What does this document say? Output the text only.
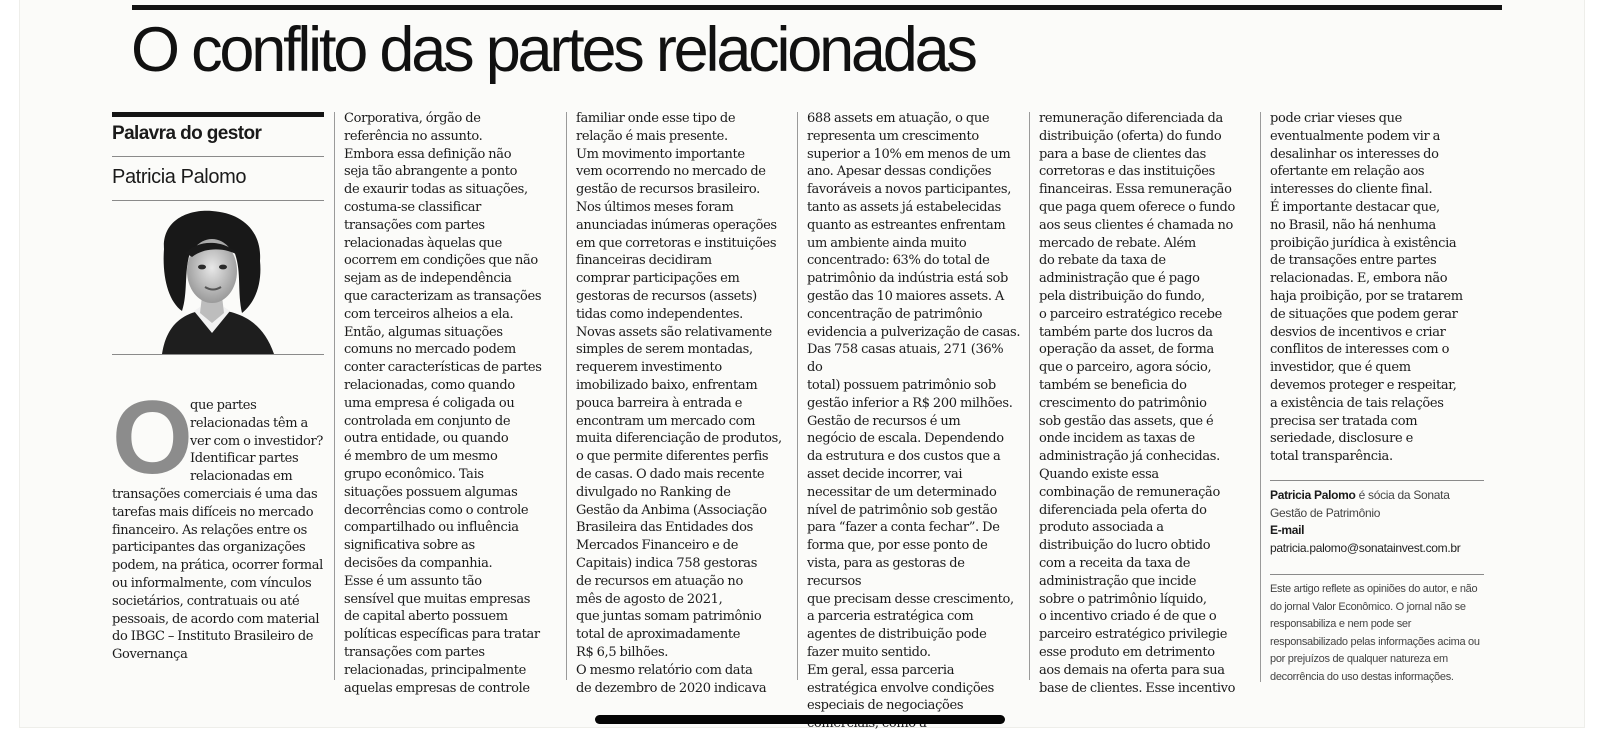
O conflito das partes relacionadas
Palavra do gestor
Patricia Palomo
O que partes relacionadas têm a ver com o investidor? Identificar partes relacionadas em transações comerciais é uma das tarefas mais difíceis no mercado financeiro. As relações entre os participantes das organizações podem, na prática, ocorrer formal ou informalmente, com vínculos societários, contratuais ou até pessoais, de acordo com material do IBGC – Instituto Brasileiro de Governança
Corporativa, órgão de
referência no assunto.
Embora essa definição não
seja tão abrangente a ponto
de exaurir todas as situações,
costuma-se classificar
transações com partes
relacionadas àquelas que
ocorrem em condições que não
sejam as de independência
que caracterizam as transações
com terceiros alheios a ela.
Então, algumas situações
comuns no mercado podem
conter características de partes
relacionadas, como quando
uma empresa é coligada ou
controlada em conjunto de
outra entidade, ou quando
é membro de um mesmo
grupo econômico. Tais
situações possuem algumas
decorrências como o controle
compartilhado ou influência
significativa sobre as
decisões da companhia.
Esse é um assunto tão
sensível que muitas empresas
de capital aberto possuem
políticas específicas para tratar
transações com partes
relacionadas, principalmente
aquelas empresas de controle
familiar onde esse tipo de
relação é mais presente.
Um movimento importante
vem ocorrendo no mercado de
gestão de recursos brasileiro.
Nos últimos meses foram
anunciadas inúmeras operações
em que corretoras e instituições
financeiras decidiram
comprar participações em
gestoras de recursos (assets)
tidas como independentes.
Novas assets são relativamente
simples de serem montadas,
requerem investimento
imobilizado baixo, enfrentam
pouca barreira à entrada e
encontram um mercado com
muita diferenciação de produtos,
o que permite diferentes perfis
de casas. O dado mais recente
divulgado no Ranking de
Gestão da Anbima (Associação
Brasileira das Entidades dos
Mercados Financeiro e de
Capitais) indica 758 gestoras
de recursos em atuação no
mês de agosto de 2021,
que juntas somam patrimônio
total de aproximadamente
R$ 6,5 bilhões.
O mesmo relatório com data
de dezembro de 2020 indicava
688 assets em atuação, o que
representa um crescimento
superior a 10% em menos de um
ano. Apesar dessas condições
favoráveis a novos participantes,
tanto as assets já estabelecidas
quanto as estreantes enfrentam
um ambiente ainda muito
concentrado: 63% do total de
patrimônio da indústria está sob
gestão das 10 maiores assets. A
concentração de patrimônio
evidencia a pulverização de casas.
Das 758 casas atuais, 271 (36% do
total) possuem patrimônio sob
gestão inferior a R$ 200 milhões.
Gestão de recursos é um
negócio de escala. Dependendo
da estrutura e dos custos que a
asset decide incorrer, vai
necessitar de um determinado
nível de patrimônio sob gestão
para “fazer a conta fechar”. De
forma que, por esse ponto de
vista, para as gestoras de recursos
que precisam desse crescimento,
a parceria estratégica com
agentes de distribuição pode
fazer muito sentido.
Em geral, essa parceria
estratégica envolve condições
especiais de negociações

remuneração diferenciada da
distribuição (oferta) do fundo
para a base de clientes das
corretoras e das instituições
financeiras. Essa remuneração
que paga quem oferece o fundo
aos seus clientes é chamada no
mercado de rebate. Além
do rebate da taxa de
administração que é pago
pela distribuição do fundo,
o parceiro estratégico recebe
também parte dos lucros da
operação da asset, de forma
que o parceiro, agora sócio,
também se beneficia do
crescimento do patrimônio
sob gestão das assets, que é
onde incidem as taxas de
administração já conhecidas.
Quando existe essa
combinação de remuneração
diferenciada pela oferta do
produto associada a
distribuição do lucro obtido
com a receita da taxa de
administração que incide
sobre o patrimônio líquido,
o incentivo criado é de que o
parceiro estratégico privilegie
esse produto em detrimento
aos demais na oferta para sua
base de clientes. Esse incentivo
pode criar vieses que
eventualmente podem vir a
desalinhar os interesses do
ofertante em relação aos
interesses do cliente final.
É importante destacar que,
no Brasil, não há nenhuma
proibição jurídica à existência
de transações entre partes
relacionadas. E, embora não
haja proibição, por se tratarem
de situações que podem gerar
desvios de incentivos e criar
conflitos de interesses com o
investidor, que é quem
devemos proteger e respeitar,
a existência de tais relações
precisa ser tratada com
seriedade, disclosure e
total transparência.
Patricia Palomo é sócia da Sonata Gestão de Patrimônio
E-mail
patricia.palomo@sonatainvest.com.br
Este artigo reflete as opiniões do autor, e não do jornal Valor Econômico. O jornal não se responsabiliza e nem pode ser responsabilizado pelas informações acima ou por prejuízos de qualquer natureza em decorrência do uso destas informações.
